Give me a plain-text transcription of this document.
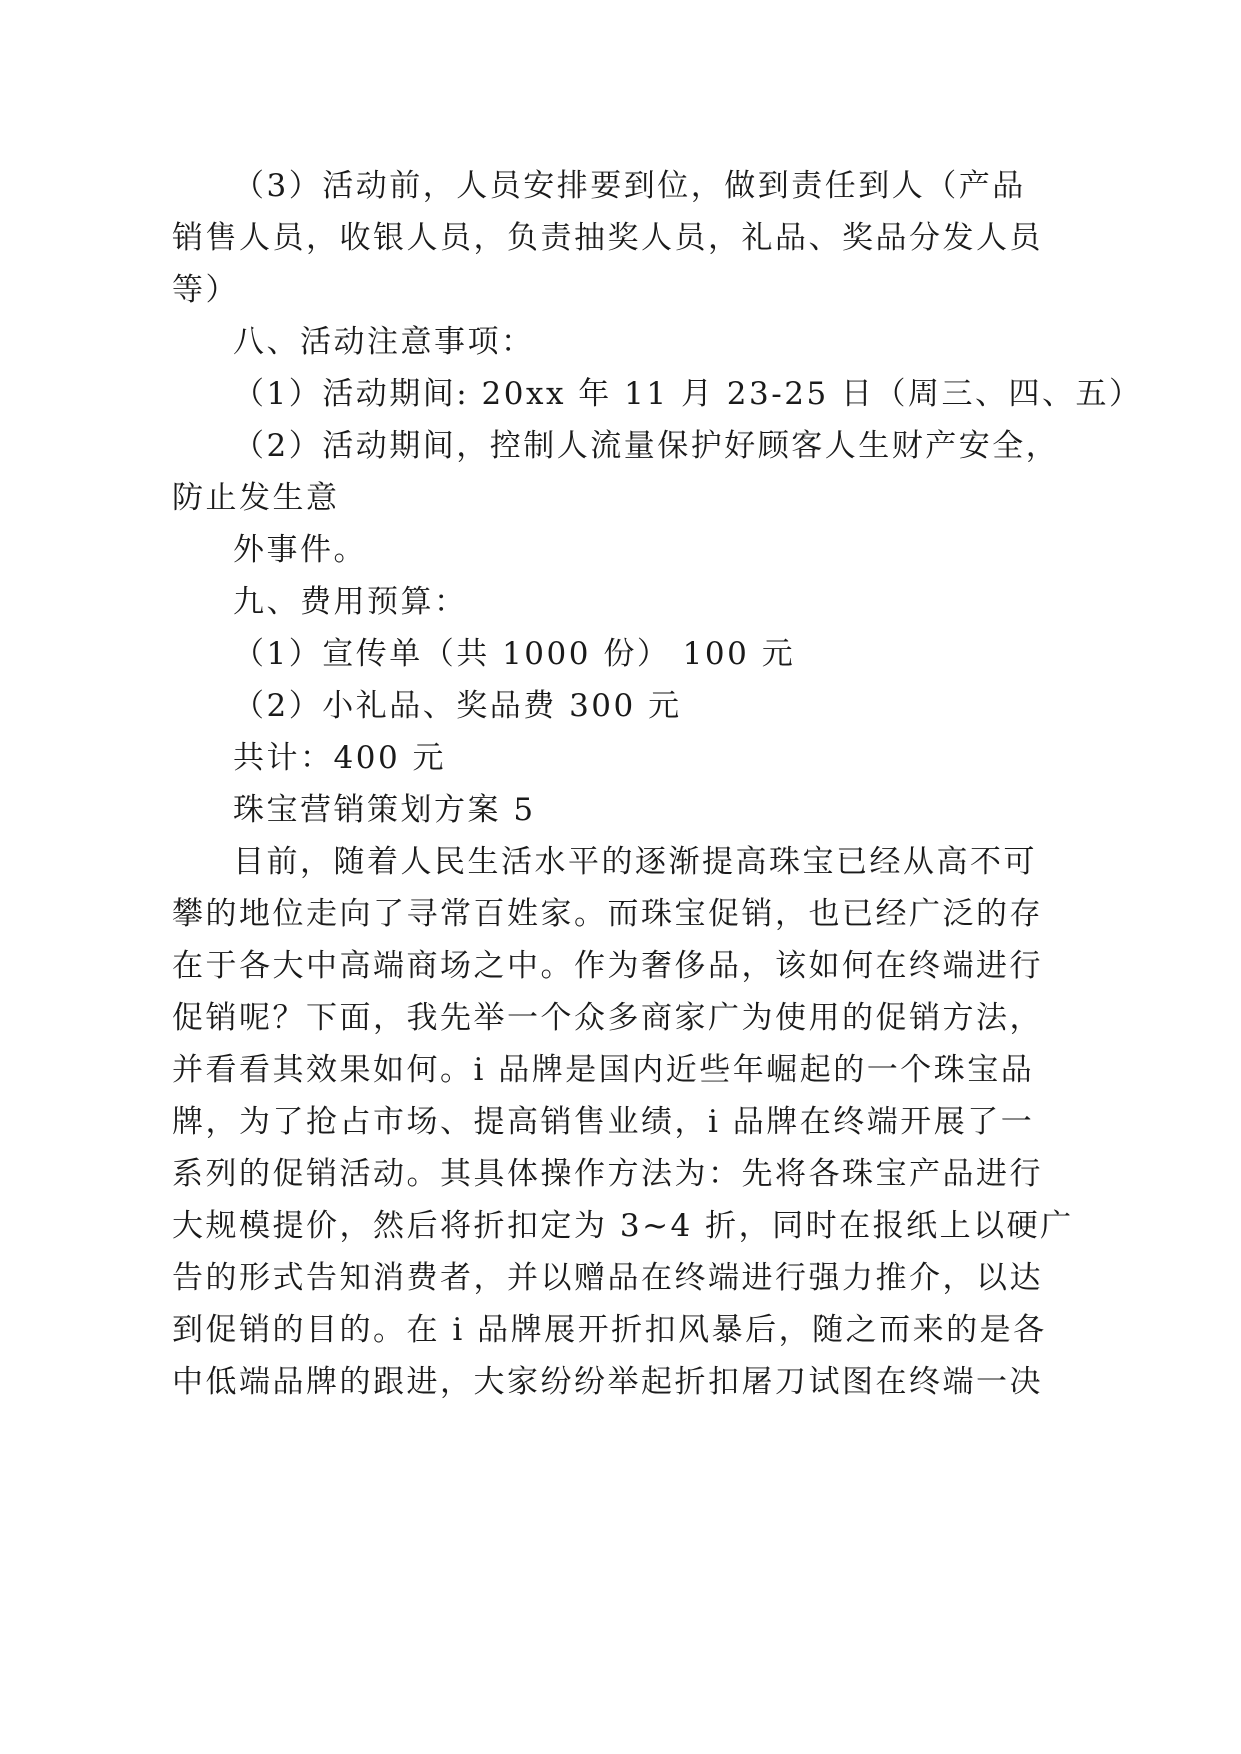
（3）活动前，人员安排要到位，做到责任到人（产品
销售人员，收银人员，负责抽奖人员，礼品、奖品分发人员
等）
八、活动注意事项：
（1）活动期间: 20xx 年 11 月 23-25 日（周三、四、五）
（2）活动期间，控制人流量保护好顾客人生财产安全，
防止发生意
外事件。
九、费用预算：
（1）宣传单（共 1000 份） 100 元
（2）小礼品、奖品费 300 元
共计：400 元
珠宝营销策划方案 5
目前，随着人民生活水平的逐渐提高珠宝已经从高不可
攀的地位走向了寻常百姓家。而珠宝促销，也已经广泛的存
在于各大中高端商场之中。作为奢侈品，该如何在终端进行
促销呢？下面，我先举一个众多商家广为使用的促销方法，
并看看其效果如何。i 品牌是国内近些年崛起的一个珠宝品
牌，为了抢占市场、提高销售业绩，i 品牌在终端开展了一
系列的促销活动。其具体操作方法为：先将各珠宝产品进行
大规模提价，然后将折扣定为 3~4 折，同时在报纸上以硬广
告的形式告知消费者，并以赠品在终端进行强力推介，以达
到促销的目的。在 i 品牌展开折扣风暴后，随之而来的是各
中低端品牌的跟进，大家纷纷举起折扣屠刀试图在终端一决
